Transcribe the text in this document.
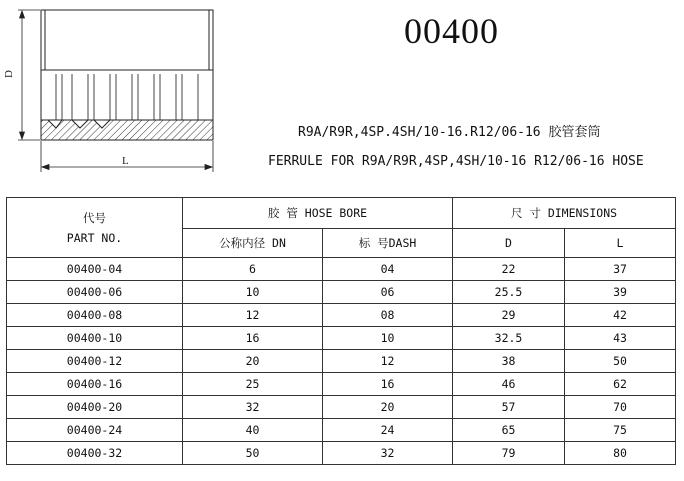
D
L
00400
R9A/R9R,4SP.4SH/10-16.R12/06-16 胶管套筒
FERRULE FOR R9A/R9R,4SP,4SH/10-16 R12/06-16 HOSE
代号
PART NO.	胶 管 HOSE BORE		尺 寸 DIMENSIONS	
	公称内径 DN	标 号DASH	D	L
00400-04	6	04	22	37
00400-06	10	06	25.5	39
00400-08	12	08	29	42
00400-10	16	10	32.5	43
00400-12	20	12	38	50
00400-16	25	16	46	62
00400-20	32	20	57	70
00400-24	40	24	65	75
00400-32	50	32	79	80
